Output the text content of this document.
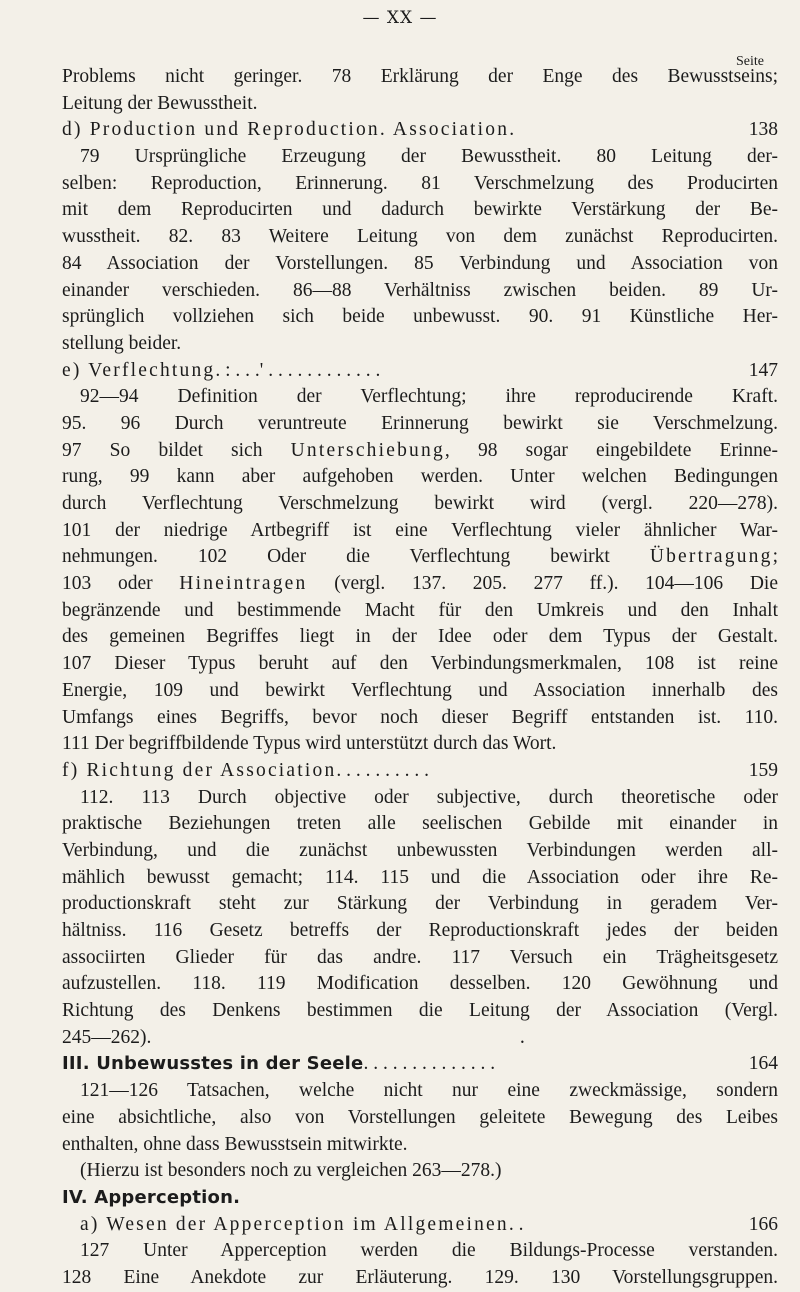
— XX —
Seite
Problems nicht geringer. 78 Erklärung der Enge des Bewusstseins;
Leitung der Bewusstheit.
d) Production und Reproduction. Association .	138
79 Ursprüngliche Erzeugung der Bewusstheit. 80 Leitung der-
selben: Reproduction, Erinnerung. 81 Verschmelzung des Producirten
mit dem Reproducirten und dadurch bewirkte Verstärkung der Be-
wusstheit. 82. 83 Weitere Leitung von dem zunächst Reproducirten.
84 Association der Vorstellungen. 85 Verbindung und Association von
einander verschieden. 86—88 Verhältniss zwischen beiden. 89 Ur-
sprünglich vollziehen sich beide unbewusst. 90. 91 Künstliche Her-
stellung beider.
e) Verflechtung . : . . .' . . . . . . . . . . . .	147
92—94 Definition der Verflechtung; ihre reproducirende Kraft.
95. 96 Durch veruntreute Erinnerung bewirkt sie Verschmelzung.
97 So bildet sich Unterschiebung, 98 sogar eingebildete Erinne-
rung, 99 kann aber aufgehoben werden. Unter welchen Bedingungen
durch Verflechtung Verschmelzung bewirkt wird (vergl. 220—278).
101 der niedrige Artbegriff ist eine Verflechtung vieler ähnlicher War-
nehmungen. 102 Oder die Verflechtung bewirkt Übertragung;
103 oder Hineintragen (vergl. 137. 205. 277 ff.). 104—106 Die
begränzende und bestimmende Macht für den Umkreis und den Inhalt
des gemeinen Begriffes liegt in der Idee oder dem Typus der Gestalt.
107 Dieser Typus beruht auf den Verbindungsmerkmalen, 108 ist reine
Energie, 109 und bewirkt Verflechtung und Association innerhalb des
Umfangs eines Begriffs, bevor noch dieser Begriff entstanden ist. 110.
111 Der begriffbildende Typus wird unterstützt durch das Wort.
f) Richtung der Association . . . . . . . . . .	159
112. 113 Durch objective oder subjective, durch theoretische oder
praktische Beziehungen treten alle seelischen Gebilde mit einander in
Verbindung, und die zunächst unbewussten Verbindungen werden all-
mählich bewusst gemacht; 114. 115 und die Association oder ihre Re-
productionskraft steht zur Stärkung der Verbindung in geradem Ver-
hältniss. 116 Gesetz betreffs der Reproductionskraft jedes der beiden
associirten Glieder für das andre. 117 Versuch ein Trägheitsgesetz
aufzustellen. 118. 119 Modification desselben. 120 Gewöhnung und
Richtung des Denkens bestimmen die Leitung der Association (Vergl.
245—262).
III. Unbewusstes in der Seele . . . . . . . . . . . . . .	164
121—126 Tatsachen, welche nicht nur eine zweckmässige, sondern
eine absichtliche, also von Vorstellungen geleitete Bewegung des Leibes
enthalten, ohne dass Bewusstsein mitwirkte.
(Hierzu ist besonders noch zu vergleichen 263—278.)
IV. Apperception.
a) Wesen der Apperception im Allgemeinen . .	166
127 Unter Apperception werden die Bildungs-Processe verstanden.
128 Eine Anekdote zur Erläuterung. 129. 130 Vorstellungsgruppen.
•
